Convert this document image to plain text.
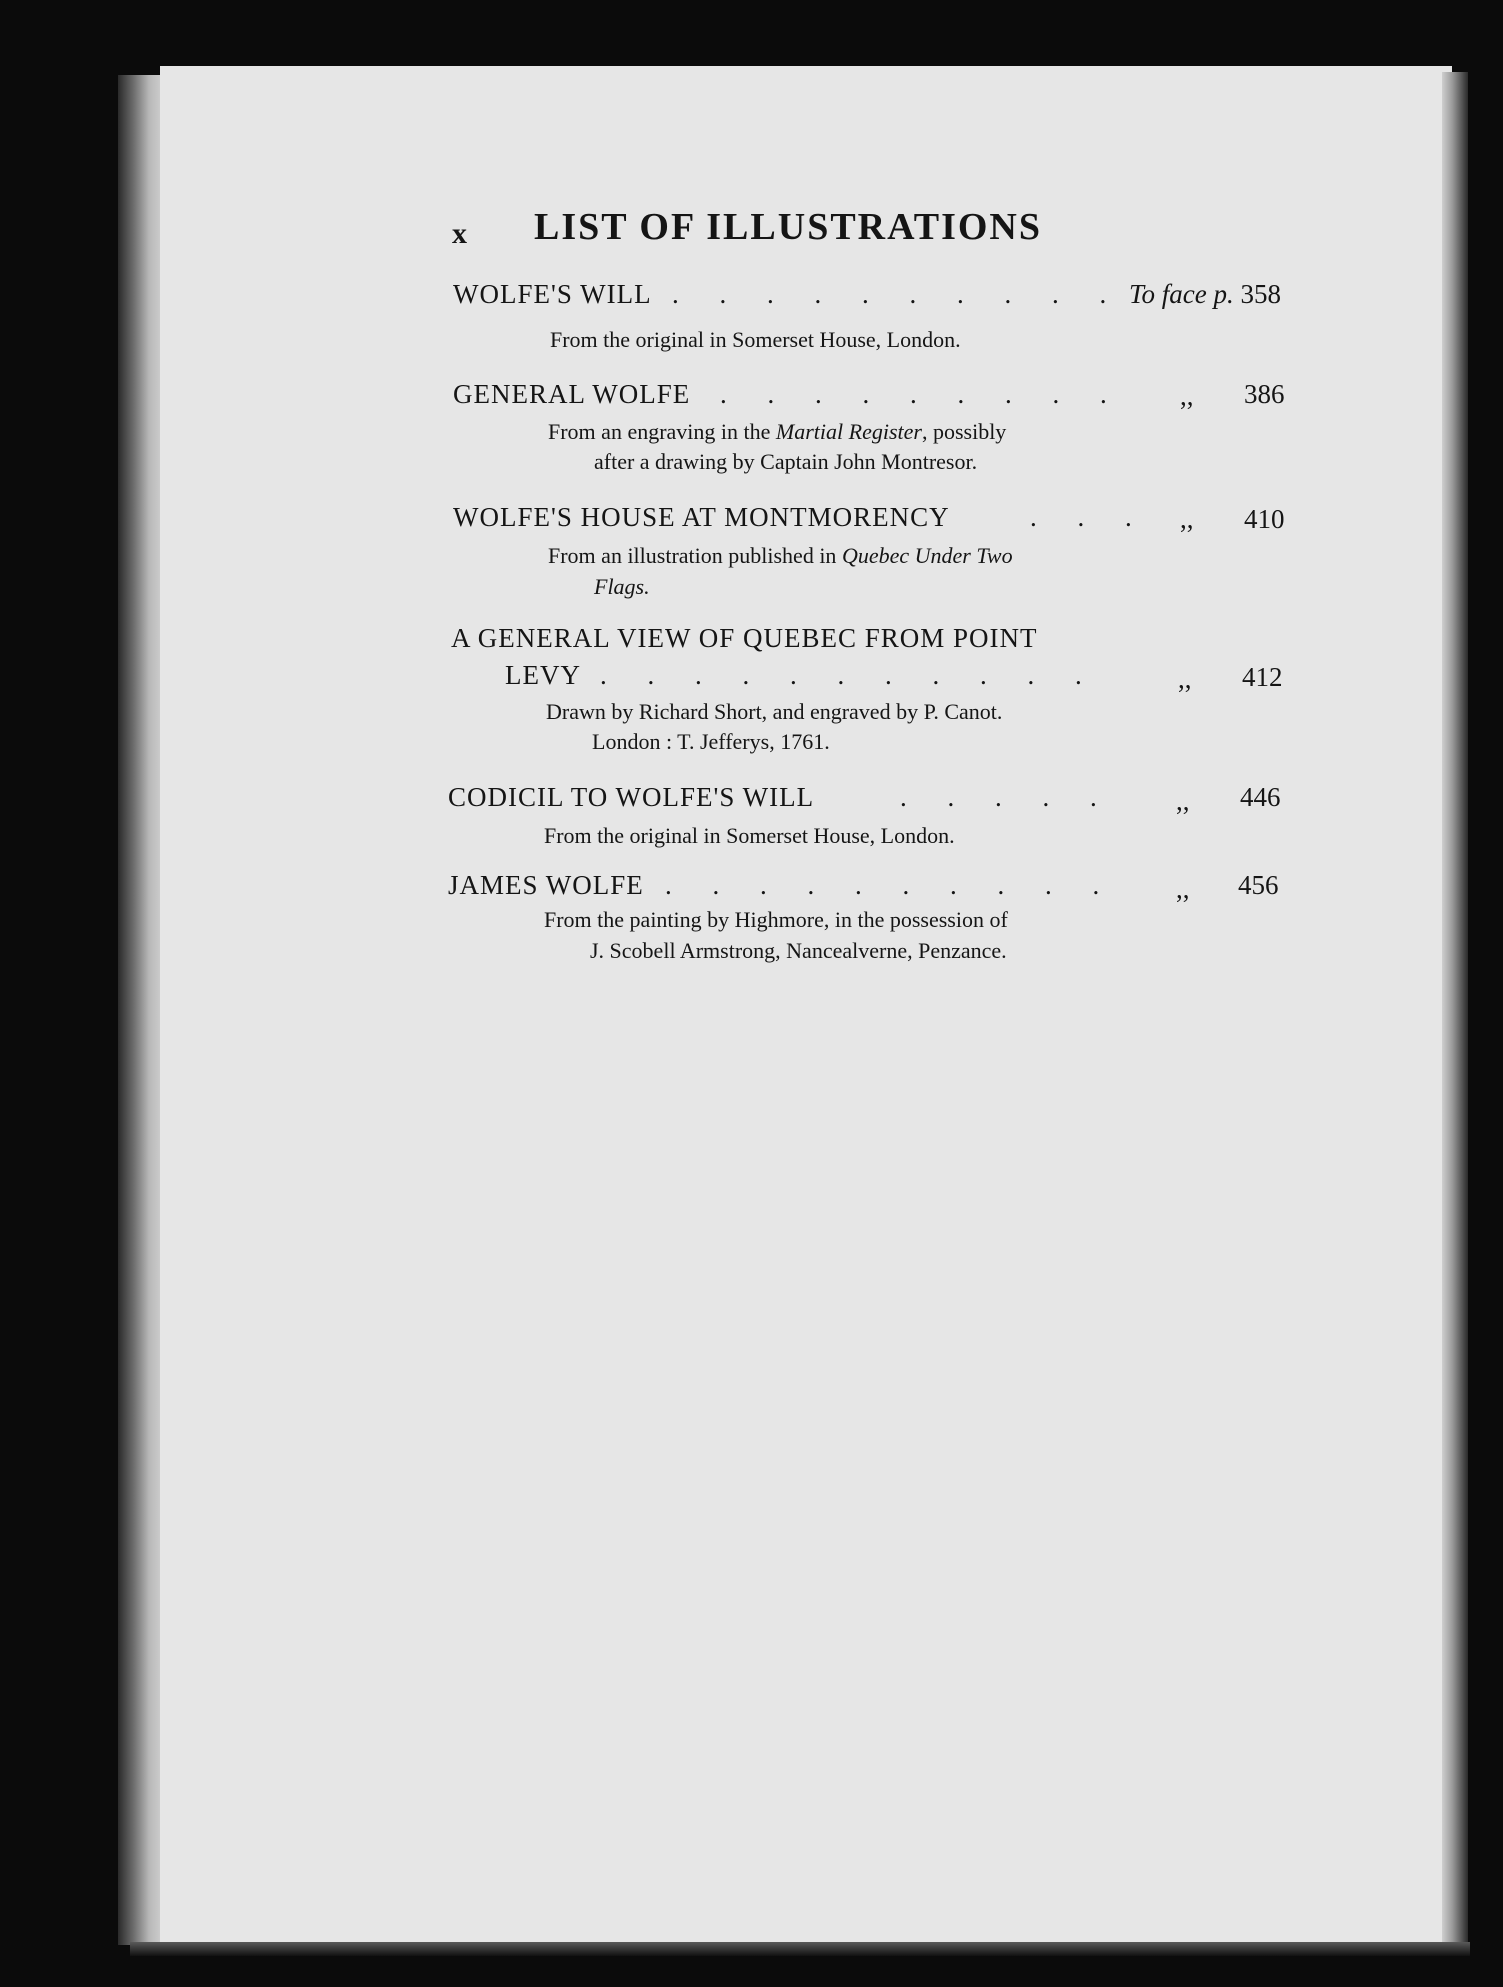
x	LIST OF ILLUSTRATIONS
WOLFE'S WILL . . . . . . . . . . To face p. 358
From the original in Somerset House, London.
GENERAL WOLFE . . . . . . . . . ,, 386
From an engraving in the Martial Register, possibly
after a drawing by Captain John Montresor.
WOLFE'S HOUSE AT MONTMORENCY	. . . ,, 410
From an illustration published in Quebec Under Two
Flags.
A GENERAL VIEW OF QUEBEC FROM POINT
LEVY . . . . . . . . . . .	,, 412
Drawn by Richard Short, and engraved by P. Canot.
London : T. Jefferys, 1761.
CODICIL TO WOLFE'S WILL	. . . . . ,, 446
From the original in Somerset House, London.
JAMES WOLFE . . . . . . . . . . ,, 456
From the painting by Highmore, in the possession of
J. Scobell Armstrong, Nancealverne, Penzance.
